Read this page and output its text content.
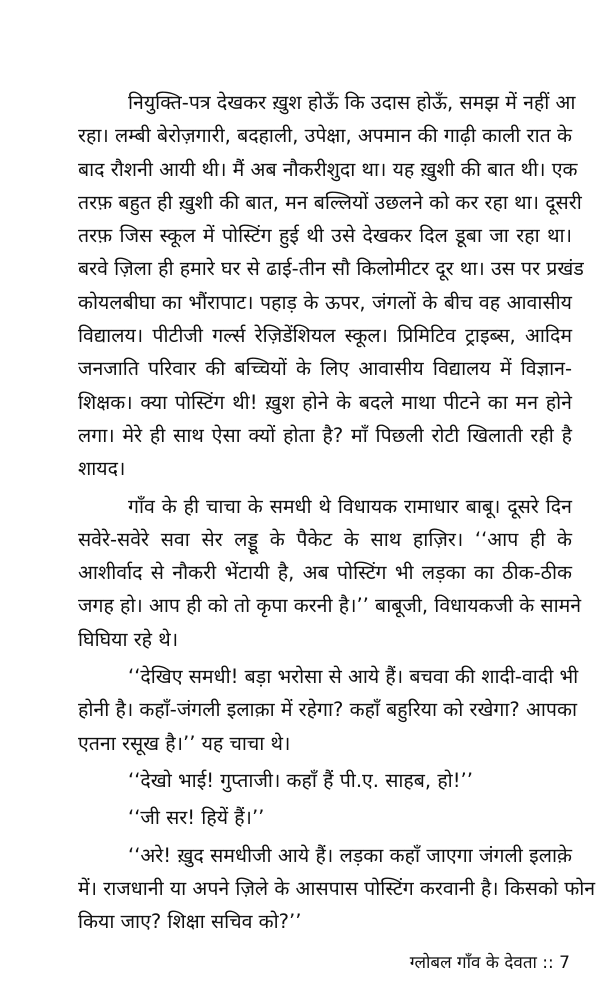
नियुक्ति-पत्र देखकर ख़ुश होऊँ कि उदास होऊँ, समझ में नहीं आ
रहा। लम्बी बेरोज़गारी, बदहाली, उपेक्षा, अपमान की गाढ़ी काली रात के
बाद रौशनी आयी थी। मैं अब नौकरीशुदा था। यह ख़ुशी की बात थी। एक
तरफ़ बहुत ही ख़ुशी की बात, मन बल्लियों उछलने को कर रहा था। दूसरी
तरफ़ जिस स्कूल में पोस्टिंग हुई थी उसे देखकर दिल डूबा जा रहा था।
बरवे ज़िला ही हमारे घर से ढाई-तीन सौ किलोमीटर दूर था। उस पर प्रखंड
कोयलबीघा का भौंरापाट। पहाड़ के ऊपर, जंगलों के बीच वह आवासीय
विद्यालय। पीटीजी गर्ल्स रेज़िडेंशियल स्कूल। प्रिमिटिव ट्राइब्स, आदिम
जनजाति परिवार की बच्चियों के लिए आवासीय विद्यालय में विज्ञान-
शिक्षक। क्या पोस्टिंग थी! ख़ुश होने के बदले माथा पीटने का मन होने
लगा। मेरे ही साथ ऐसा क्यों होता है? माँ पिछली रोटी खिलाती रही है
शायद।
गाँव के ही चाचा के समधी थे विधायक रामाधार बाबू। दूसरे दिन
सवेरे-सवेरे सवा सेर लड्डू के पैकेट के साथ हाज़िर। ‘‘आप ही के
आशीर्वाद से नौकरी भेंटायी है, अब पोस्टिंग भी लड़का का ठीक-ठीक
जगह हो। आप ही को तो कृपा करनी है।’’ बाबूजी, विधायकजी के सामने
घिघिया रहे थे।
‘‘देखिए समधी! बड़ा भरोसा से आये हैं। बचवा की शादी-वादी भी
होनी है। कहाँ-जंगली इलाक़ा में रहेगा? कहाँ बहुरिया को रखेगा? आपका
एतना रसूख है।’’ यह चाचा थे।
‘‘देखो भाई! गुप्ताजी। कहाँ हैं पी.ए. साहब, हो!’’
‘‘जी सर! हियें हैं।’’
‘‘अरे! ख़ुद समधीजी आये हैं। लड़का कहाँ जाएगा जंगली इलाक़े
में। राजधानी या अपने ज़िले के आसपास पोस्टिंग करवानी है। किसको फोन
किया जाए? शिक्षा सचिव को?’’
ग्लोबल गाँव के देवता :: 7
